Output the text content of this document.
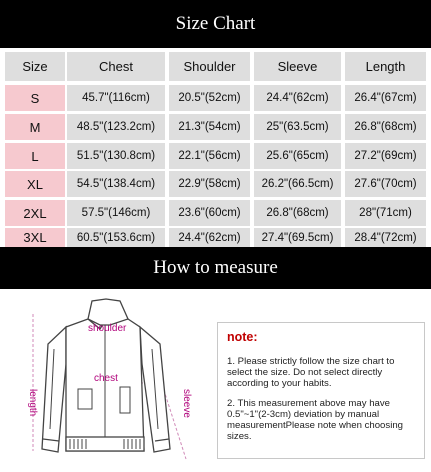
Size Chart
Size	Chest	Shoulder	Sleeve	Length
S	45.7"(116cm)	20.5"(52cm)	24.4"(62cm)	26.4"(67cm)
M	48.5"(123.2cm)	21.3"(54cm)	25"(63.5cm)	26.8"(68cm)
L	51.5"(130.8cm)	22.1"(56cm)	25.6"(65cm)	27.2"(69cm)
XL	54.5"(138.4cm)	22.9"(58cm)	26.2"(66.5cm)	27.6"(70cm)
2XL	57.5"(146cm)	23.6"(60cm)	26.8"(68cm)	28"(71cm)
3XL	60.5"(153.6cm)	24.4"(62cm)	27.4"(69.5cm)	28.4"(72cm)
How to measure
shoulder
chest
length	sleeve
note:
1. Please strictly follow the size chart to select the size. Do not select directly according to your habits.
2. This measurement above may have 0.5"~1"(2-3cm) deviation by manual measurementPlease note when choosing sizes.
